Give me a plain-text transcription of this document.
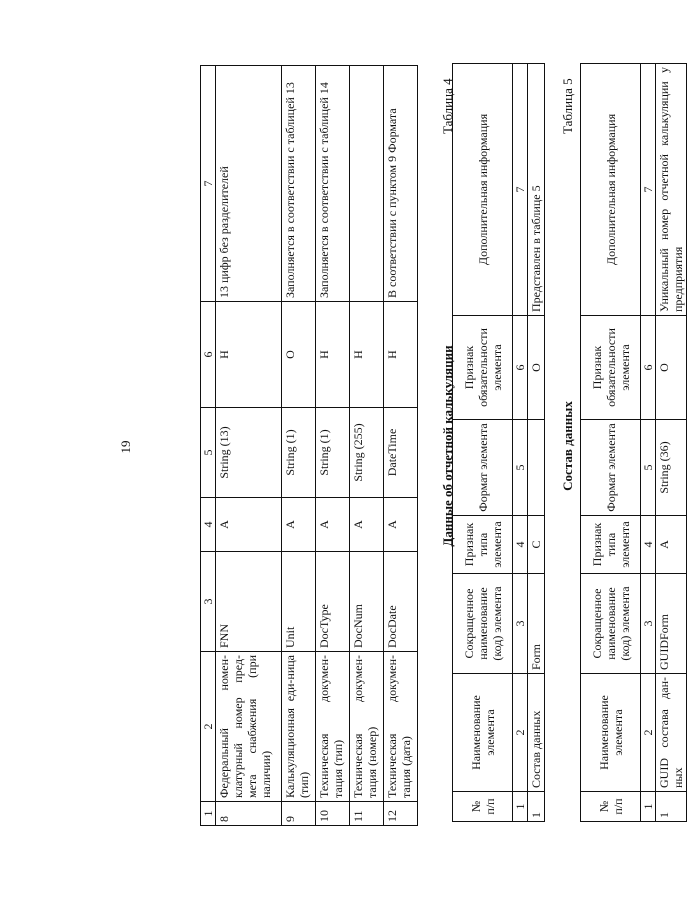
19
1	2	3	4	5	6	7
8	Федеральный номен-клатурный номер пред-мета снабжения (при наличии)	FNN	А	String (13)	Н	13 цифр без разделителей
9	Калькуляционная еди-ница (тип)	Unit	А	String (1)	О	Заполняется в соответствии с таблицей 13
10	Техническая докумен-тация (тип)	DocType	А	String (1)	Н	Заполняется в соответствии с таблицей 14
11	Техническая докумен-тация (номер)	DocNum	А	String (255)	Н	
12	Техническая докумен-тация (дата)	DocDate	А	DateTime	Н	В соответствии с пунктом 9 Формата
Таблица 4
Данные об отчетной калькуляции
№ п/п	Наименование элемента	Сокращенное наименование (код) элемента	Признак типа элемента	Формат элемента	Признак обязательности элемента	Дополнительная информация
1	2	3	4	5	6	7
1	Состав данных	Form	С		О	Представлен в таблице 5
Таблица 5
Состав данных
№ п/п	Наименование элемента	Сокращенное наименование (код) элемента	Признак типа элемента	Формат элемента	Признак обязательности элемента	Дополнительная информация
1	2	3	4	5	6	7
1	GUID состава дан-ных	GUIDForm	А	String (36)	О	Уникальный номер отчетной калькуляции у предприятия
